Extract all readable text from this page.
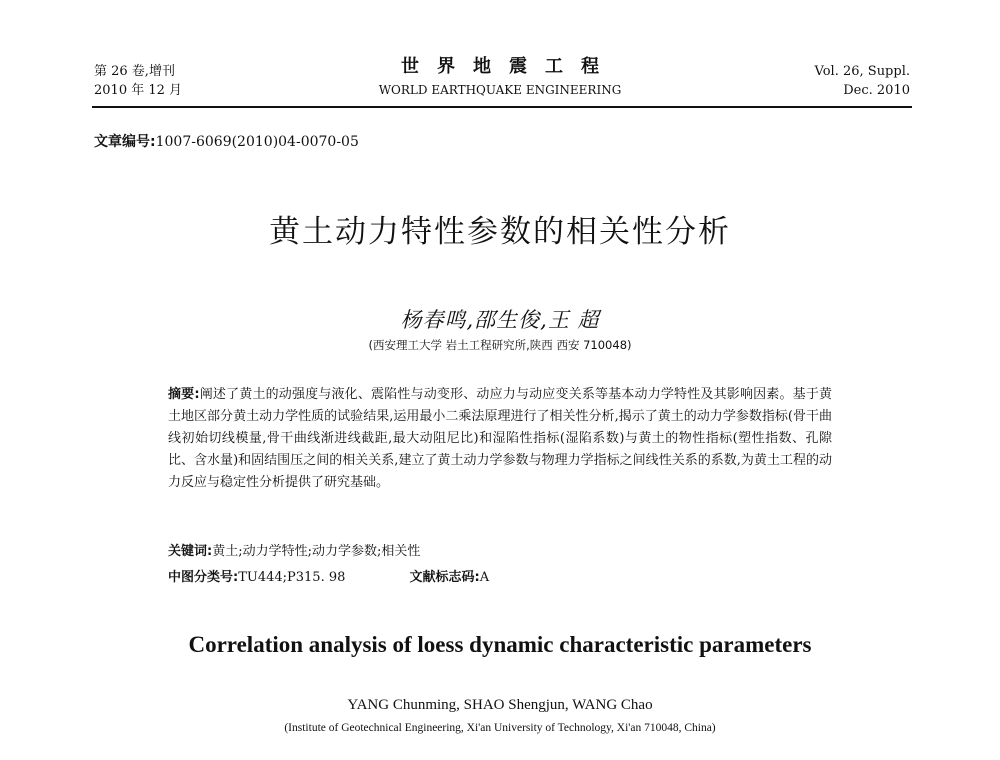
第 26 卷,增刊
2010 年 12 月
世界地震工程
WORLD EARTHQUAKE ENGINEERING
Vol. 26, Suppl.
Dec. 2010
文章编号:1007-6069(2010)04-0070-05
黄土动力特性参数的相关性分析
杨春鸣,邵生俊,王 超
(西安理工大学 岩土工程研究所,陕西 西安 710048)
摘要:阐述了黄土的动强度与液化、震陷性与动变形、动应力与动应变关系等基本动力学特性及其影响因素。基于黄土地区部分黄土动力学性质的试验结果,运用最小二乘法原理进行了相关性分析,揭示了黄土的动力学参数指标(骨干曲线初始切线模量,骨干曲线渐进线截距,最大动阻尼比)和湿陷性指标(湿陷系数)与黄土的物性指标(塑性指数、孔隙比、含水量)和固结围压之间的相关关系,建立了黄土动力学参数与物理力学指标之间线性关系的系数,为黄土工程的动力反应与稳定性分析提供了研究基础。
关键词:黄土;动力学特性;动力学参数;相关性
中图分类号:TU444;P315. 98	文献标志码:A
Correlation analysis of loess dynamic characteristic parameters
YANG Chunming, SHAO Shengjun, WANG Chao
(Institute of Geotechnical Engineering, Xi'an University of Technology, Xi'an 710048, China)
